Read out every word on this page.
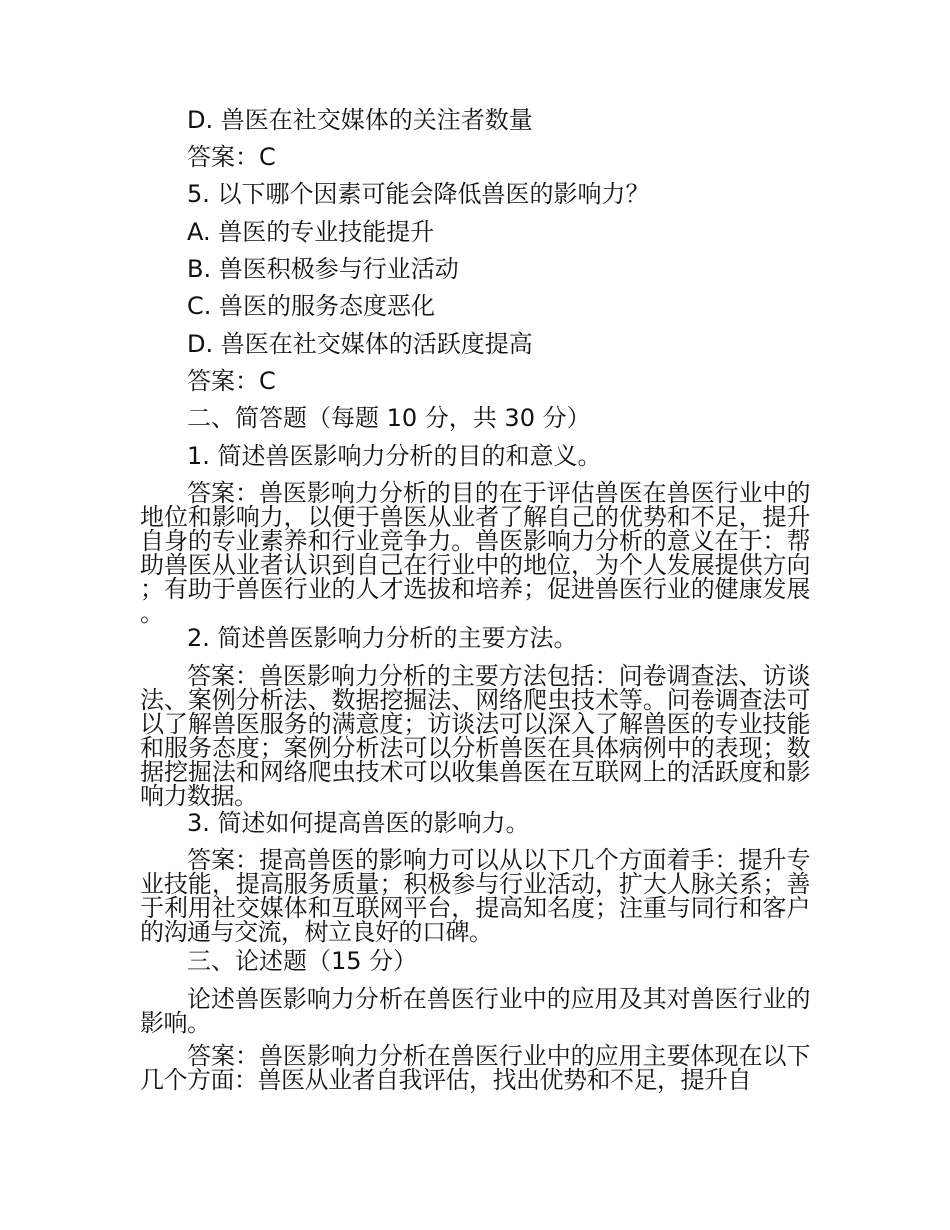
D. 兽医在社交媒体的关注者数量
答案：C
5. 以下哪个因素可能会降低兽医的影响力？
A. 兽医的专业技能提升
B. 兽医积极参与行业活动
C. 兽医的服务态度恶化
D. 兽医在社交媒体的活跃度提高
答案：C
二、简答题（每题 10 分，共 30 分）
1. 简述兽医影响力分析的目的和意义。
答案：兽医影响力分析的目的在于评估兽医在兽医行业中的地位和影响力，以便于兽医从业者了解自己的优势和不足，提升自身的专业素养和行业竞争力。兽医影响力分析的意义在于：帮助兽医从业者认识到自己在行业中的地位，为个人发展提供方向；有助于兽医行业的人才选拔和培养；促进兽医行业的健康发展。
2. 简述兽医影响力分析的主要方法。
答案：兽医影响力分析的主要方法包括：问卷调查法、访谈法、案例分析法、数据挖掘法、网络爬虫技术等。问卷调查法可以了解兽医服务的满意度；访谈法可以深入了解兽医的专业技能和服务态度；案例分析法可以分析兽医在具体病例中的表现；数据挖掘法和网络爬虫技术可以收集兽医在互联网上的活跃度和影响力数据。
3. 简述如何提高兽医的影响力。
答案：提高兽医的影响力可以从以下几个方面着手：提升专业技能，提高服务质量；积极参与行业活动，扩大人脉关系；善于利用社交媒体和互联网平台，提高知名度；注重与同行和客户的沟通与交流，树立良好的口碑。
三、论述题（15 分）
论述兽医影响力分析在兽医行业中的应用及其对兽医行业的影响。
答案：兽医影响力分析在兽医行业中的应用主要体现在以下几个方面：兽医从业者自我评估，找出优势和不足，提升自
